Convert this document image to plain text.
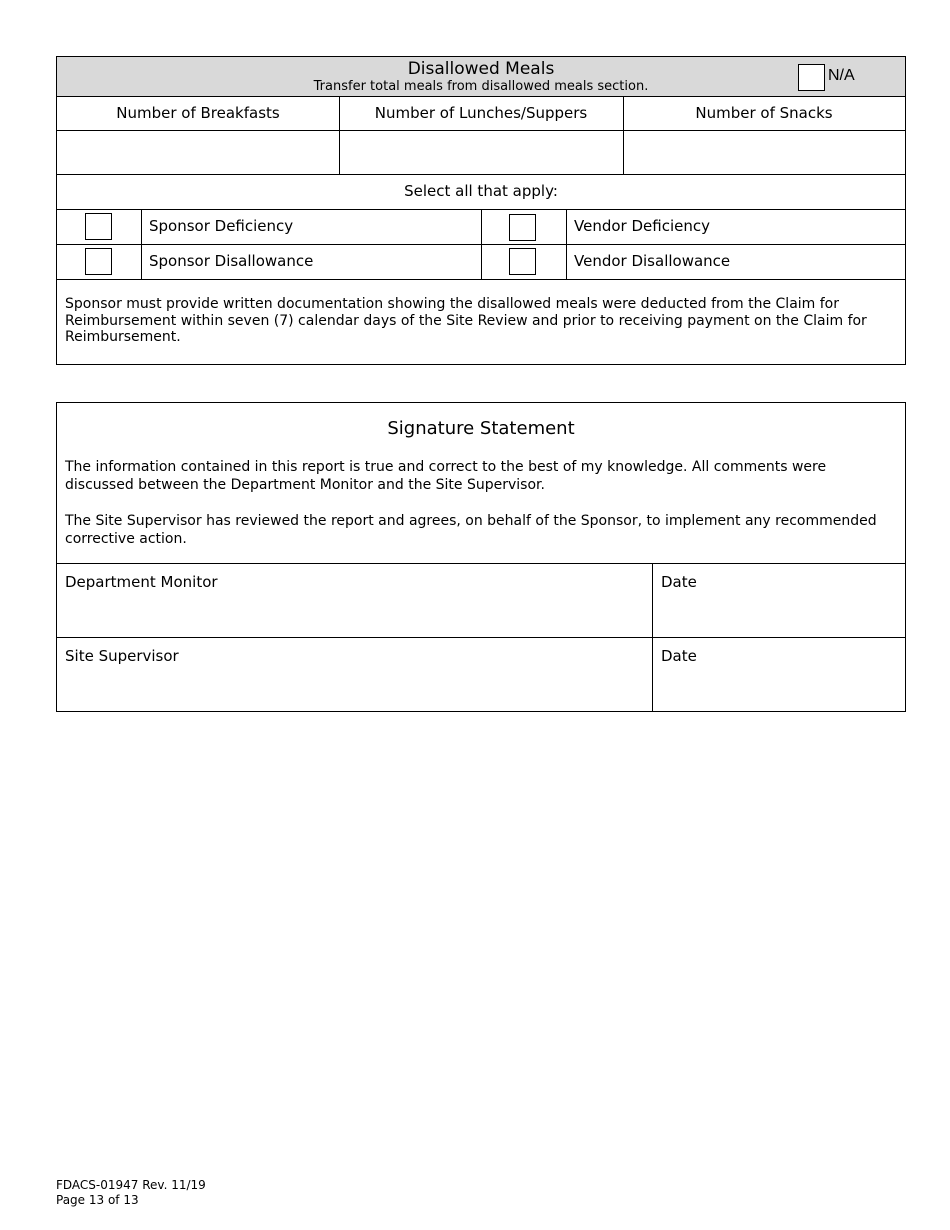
Disallowed Meals
Transfer total meals from disallowed meals section.
N/A
Number of Breakfasts	Number of Lunches/Suppers	Number of Snacks
Select all that apply:
Sponsor Deficiency	Vendor Deficiency
Sponsor Disallowance	Vendor Disallowance
Sponsor must provide written documentation showing the disallowed meals were deducted from the Claim for Reimbursement within seven (7) calendar days of the Site Review and prior to receiving payment on the Claim for Reimbursement.
Signature Statement
The information contained in this report is true and correct to the best of my knowledge. All comments were discussed between the Department Monitor and the Site Supervisor.
The Site Supervisor has reviewed the report and agrees, on behalf of the Sponsor, to implement any recommended corrective action.
Department Monitor	Date
Site Supervisor	Date
FDACS-01947 Rev. 11/19
Page 13 of 13
